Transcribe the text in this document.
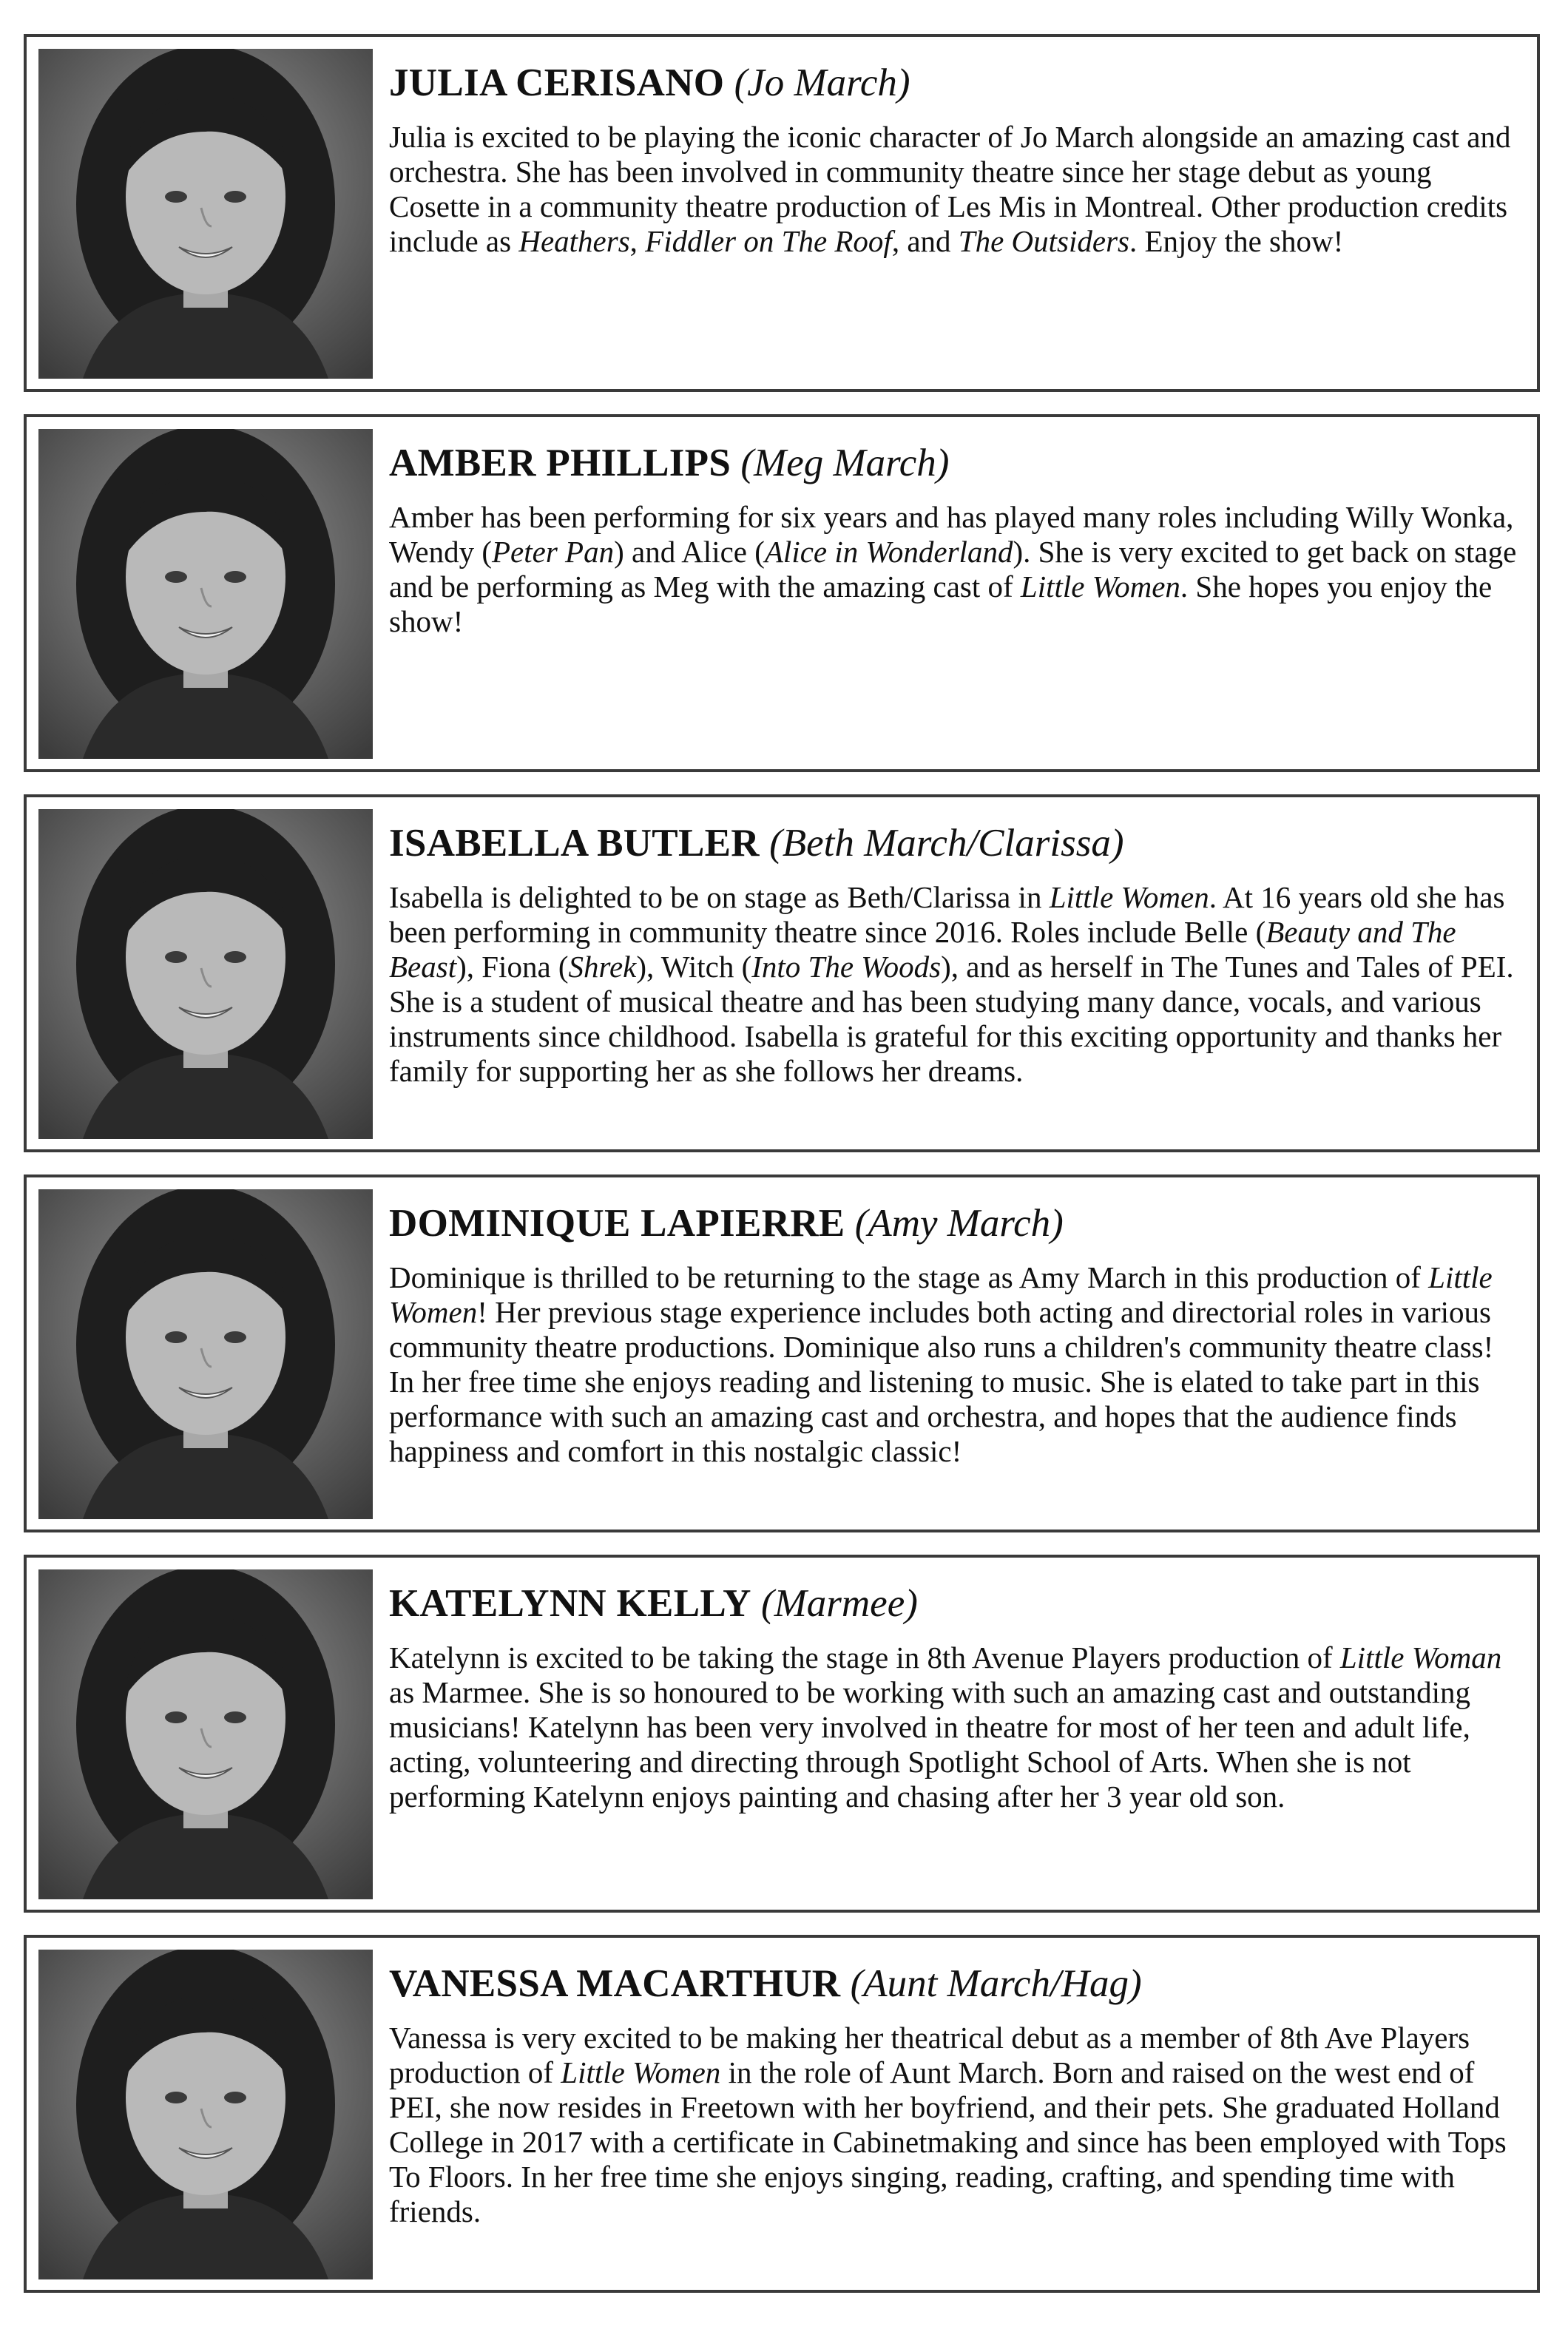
JULIA CERISANO (Jo March)

Julia is excited to be playing the iconic character of Jo March alongside an amazing cast and orchestra. She has been involved in community theatre since her stage debut as young Cosette in a community theatre production of Les Mis in Montreal. Other production credits include as Heathers, Fiddler on The Roof, and The Outsiders. Enjoy the show!

AMBER PHILLIPS (Meg March)

Amber has been performing for six years and has played many roles including Willy Wonka, Wendy (Peter Pan) and Alice (Alice in Wonderland). She is very excited to get back on stage and be performing as Meg with the amazing cast of Little Women. She hopes you enjoy the show!

ISABELLA BUTLER (Beth March/Clarissa)

Isabella is delighted to be on stage as Beth/Clarissa in Little Women. At 16 years old she has been performing in community theatre since 2016. Roles include Belle (Beauty and The Beast), Fiona (Shrek), Witch (Into The Woods), and as herself in The Tunes and Tales of PEI. She is a student of musical theatre and has been studying many dance, vocals, and various instruments since childhood. Isabella is grateful for this exciting opportunity and thanks her family for supporting her as she follows her dreams.

DOMINIQUE LAPIERRE (Amy March)

Dominique is thrilled to be returning to the stage as Amy March in this production of Little Women! Her previous stage experience includes both acting and directorial roles in various community theatre productions. Dominique also runs a children's community theatre class! In her free time she enjoys reading and listening to music. She is elated to take part in this performance with such an amazing cast and orchestra, and hopes that the audience finds happiness and comfort in this nostalgic classic!

KATELYNN KELLY (Marmee)

Katelynn is excited to be taking the stage in 8th Avenue Players production of Little Woman as Marmee. She is so honoured to be working with such an amazing cast and outstanding musicians! Katelynn has been very involved in theatre for most of her teen and adult life, acting, volunteering and directing through Spotlight School of Arts. When she is not performing Katelynn enjoys painting and chasing after her 3 year old son.

VANESSA MACARTHUR (Aunt March/Hag)

Vanessa is very excited to be making her theatrical debut as a member of 8th Ave Players production of Little Women in the role of Aunt March. Born and raised on the west end of PEI, she now resides in Freetown with her boyfriend, and their pets. She graduated Holland College in 2017 with a certificate in Cabinetmaking and since has been employed with Tops To Floors. In her free time she enjoys singing, reading, crafting, and spending time with friends.
